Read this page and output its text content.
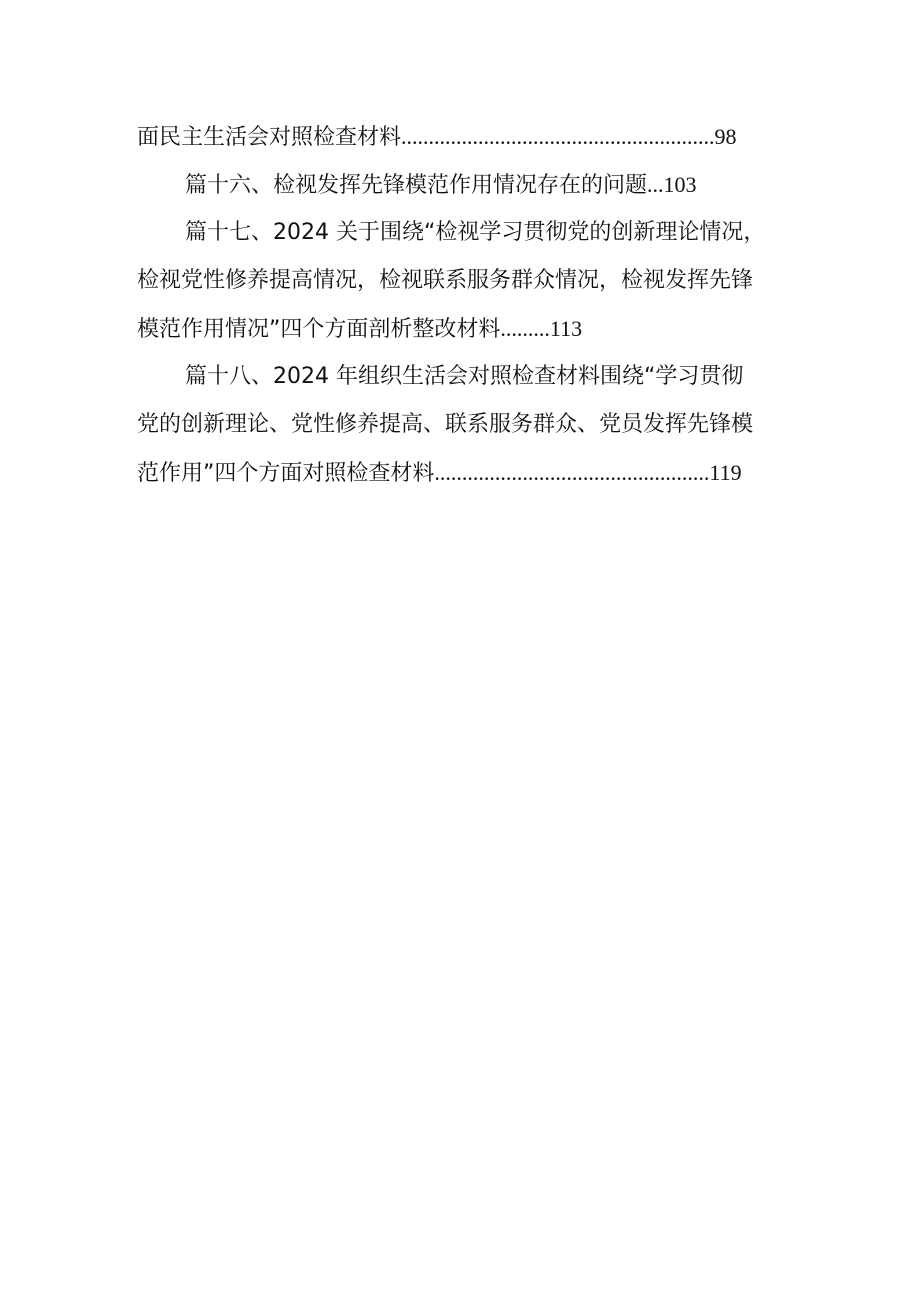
面民主生活会对照检查材料.........................................................98
篇十六、检视发挥先锋模范作用情况存在的问题...103
篇十七、2024 关于围绕“检视学习贯彻党的创新理论情况，
检视党性修养提高情况，检视联系服务群众情况，检视发挥先锋
模范作用情况”四个方面剖析整改材料.........113
篇十八、2024 年组织生活会对照检查材料围绕“学习贯彻
党的创新理论、党性修养提高、联系服务群众、党员发挥先锋模
范作用”四个方面对照检查材料..................................................119
